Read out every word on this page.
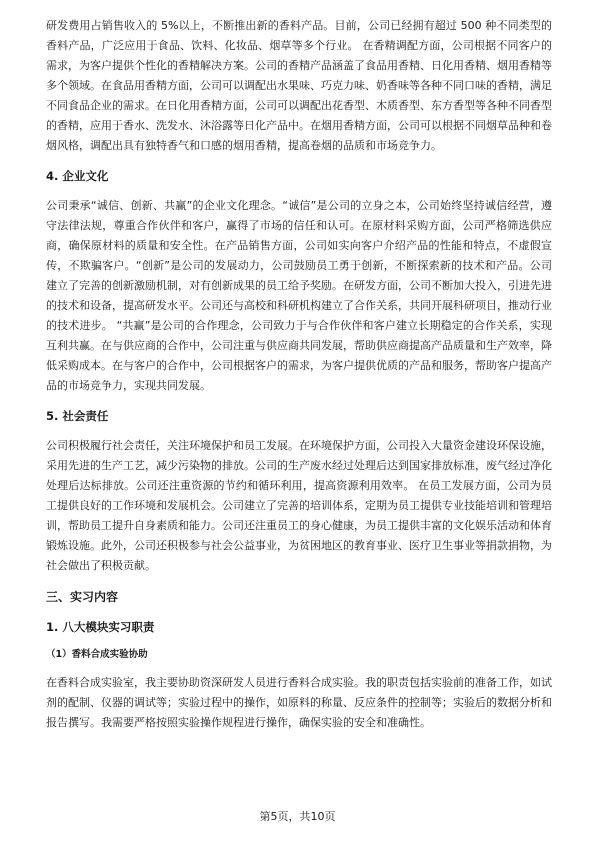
研发费用占销售收入的 5%以上，不断推出新的香料产品。目前，公司已经拥有超过 500 种不同类型的香料产品，广泛应用于食品、饮料、化妆品、烟草等多个行业。 在香精调配方面，公司根据不同客户的需求，为客户提供个性化的香精解决方案。公司的香精产品涵盖了食品用香精、日化用香精、烟用香精等多个领域。在食品用香精方面，公司可以调配出水果味、巧克力味、奶香味等各种不同口味的香精，满足不同食品企业的需求。在日化用香精方面，公司可以调配出花香型、木质香型、东方香型等各种不同香型的香精，应用于香水、洗发水、沐浴露等日化产品中。在烟用香精方面，公司可以根据不同烟草品种和卷烟风格，调配出具有独特香气和口感的烟用香精，提高卷烟的品质和市场竞争力。

4. 企业文化

公司秉承“诚信、创新、共赢”的企业文化理念。“诚信”是公司的立身之本，公司始终坚持诚信经营，遵守法律法规，尊重合作伙伴和客户，赢得了市场的信任和认可。在原材料采购方面，公司严格筛选供应商，确保原材料的质量和安全性。在产品销售方面，公司如实向客户介绍产品的性能和特点，不虚假宣传，不欺骗客户。“创新”是公司的发展动力，公司鼓励员工勇于创新，不断探索新的技术和产品。公司建立了完善的创新激励机制，对有创新成果的员工给予奖励。在研发方面，公司不断加大投入，引进先进的技术和设备，提高研发水平。公司还与高校和科研机构建立了合作关系，共同开展科研项目，推动行业的技术进步。 “共赢”是公司的合作理念，公司致力于与合作伙伴和客户建立长期稳定的合作关系，实现互利共赢。在与供应商的合作中，公司注重与供应商共同发展，帮助供应商提高产品质量和生产效率，降低采购成本。在与客户的合作中，公司根据客户的需求，为客户提供优质的产品和服务，帮助客户提高产品的市场竞争力，实现共同发展。

5. 社会责任

公司积极履行社会责任，关注环境保护和员工发展。在环境保护方面，公司投入大量资金建设环保设施，采用先进的生产工艺，减少污染物的排放。公司的生产废水经过处理后达到国家排放标准，废气经过净化处理后达标排放。公司还注重资源的节约和循环利用，提高资源利用效率。 在员工发展方面，公司为员工提供良好的工作环境和发展机会。公司建立了完善的培训体系，定期为员工提供专业技能培训和管理培训，帮助员工提升自身素质和能力。公司还注重员工的身心健康，为员工提供丰富的文化娱乐活动和体育锻炼设施。此外，公司还积极参与社会公益事业，为贫困地区的教育事业、医疗卫生事业等捐款捐物，为社会做出了积极贡献。

三、实习内容

1. 八大模块实习职责

（1）香料合成实验协助

在香料合成实验室，我主要协助资深研发人员进行香料合成实验。我的职责包括实验前的准备工作，如试剂的配制、仪器的调试等；实验过程中的操作，如原料的称量、反应条件的控制等；实验后的数据分析和报告撰写。我需要严格按照实验操作规程进行操作，确保实验的安全和准确性。

第5页，共10页
